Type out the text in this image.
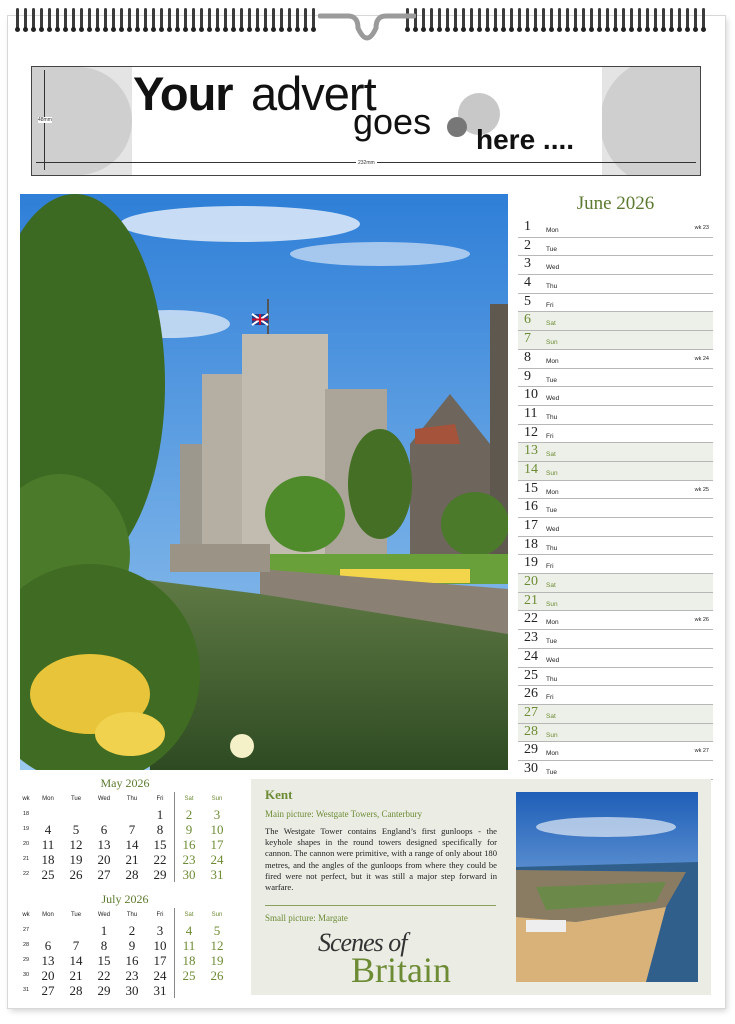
Your advert
goes here ....
232mm
48mm
June 2026
1 Mon	wk 23
2 Tue
3 Wed
4 Thu
5 Fri
6 Sat
7 Sun
8 Mon	wk 24
9 Tue
10 Wed
11 Thu
12 Fri
13 Sat
14 Sun
15 Mon	wk 25
16 Tue
17 Wed
18 Thu
19 Fri
20 Sat
21 Sun
22 Mon	wk 26
23 Tue
24 Wed
25 Thu
26 Fri
27 Sat
28 Sun
29 Mon	wk 27
30 Tue
May 2026
wk	Mon	Tue	Wed	Thu	Fri	Sat	Sun
18					1	2	3
19	4	5	6	7	8	9	10
20	11	12	13	14	15	16	17
21	18	19	20	21	22	23	24
22	25	26	27	28	29	30	31
July 2026
wk	Mon	Tue	Wed	Thu	Fri	Sat	Sun
27			1	2	3	4	5
28	6	7	8	9	10	11	12
29	13	14	15	16	17	18	19
30	20	21	22	23	24	25	26
31	27	28	29	30	31		
Kent
Main picture: Westgate Towers, Canterbury
The Westgate Tower contains England’s first gunloops - the keyhole shapes in the round towers designed specifically for cannon. The cannon were primitive, with a range of only about 180 metres, and the angles of the gunloops from where they could be fired were not perfect, but it was still a major step forward in warfare.
Small picture: Margate
Scenes of
Britain
